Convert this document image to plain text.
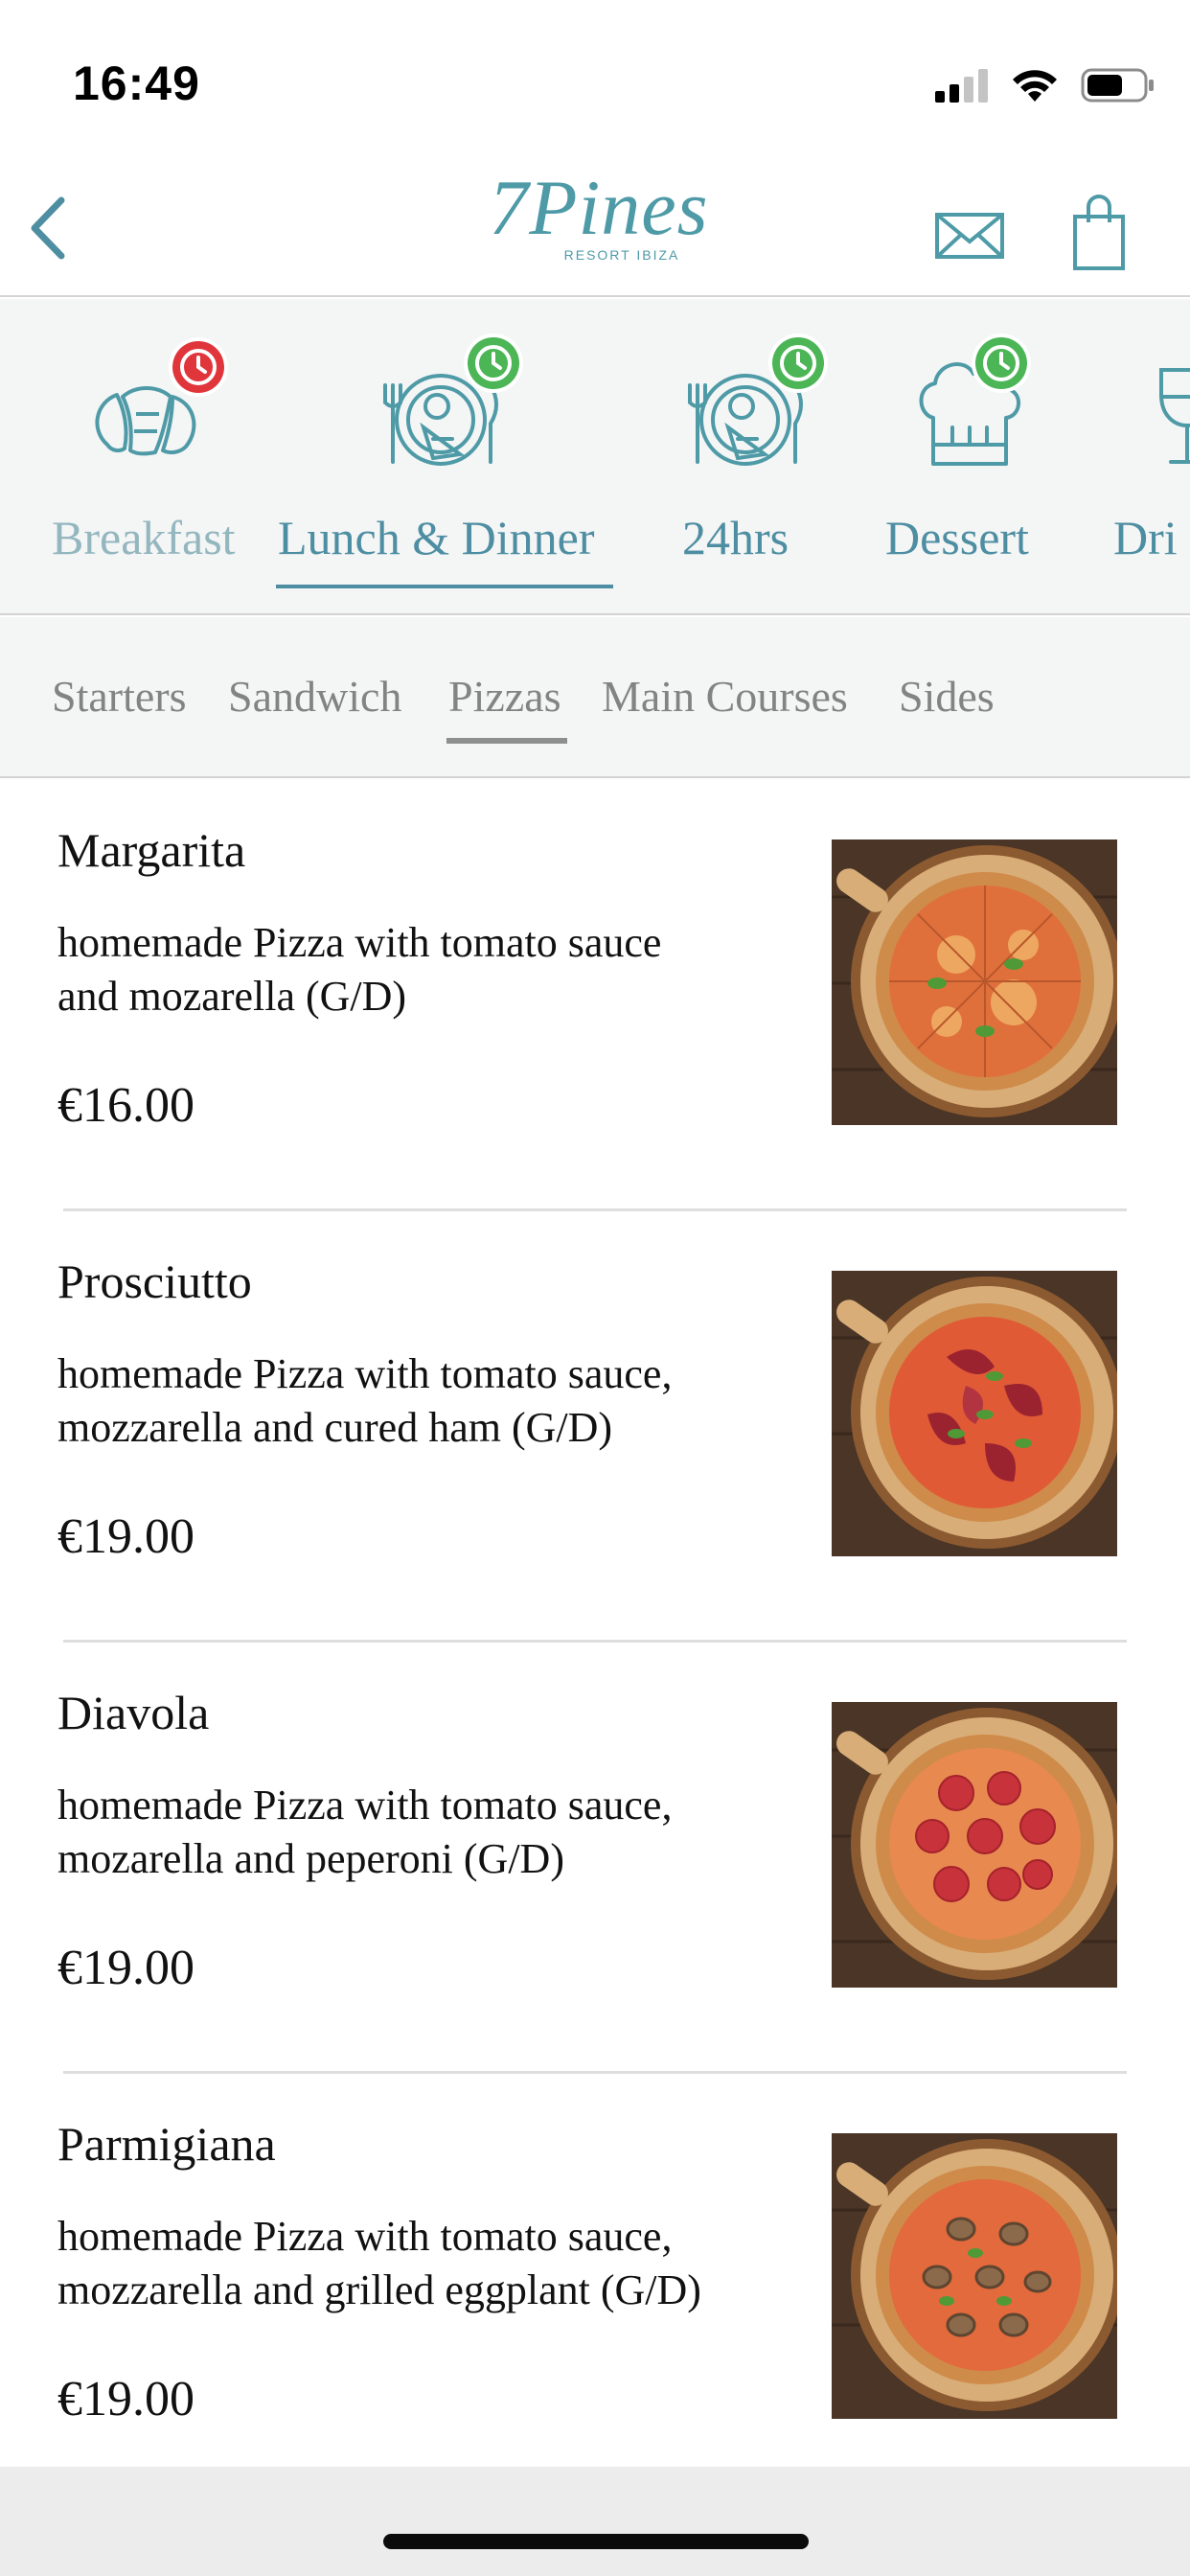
16:49
7Pines
RESORT IBIZA
Breakfast Lunch & Dinner 24hrs Dessert Dri
Starters Sandwich Pizzas Main Courses Sides
Margarita
homemade Pizza with tomato sauce
and mozarella (G/D)
€16.00
Prosciutto
homemade Pizza with tomato sauce,
mozzarella and cured ham (G/D)
€19.00
Diavola
homemade Pizza with tomato sauce,
mozarella and peperoni (G/D)
€19.00
Parmigiana
homemade Pizza with tomato sauce,
mozzarella and grilled eggplant (G/D)
€19.00
